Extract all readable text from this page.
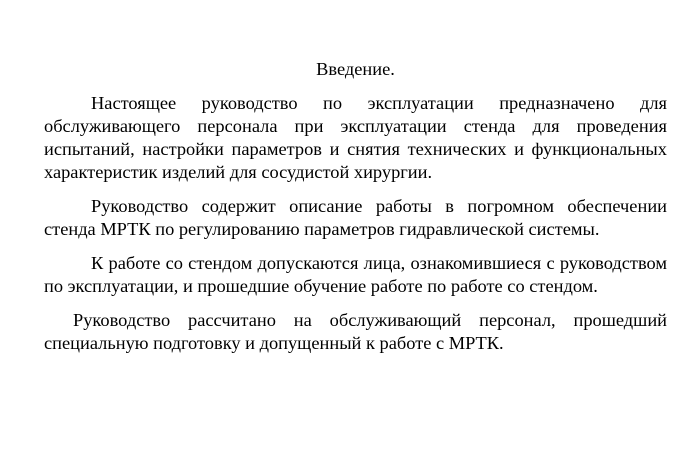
Введение.

Настоящее руководство по эксплуатации предназначено для обслуживающего персонала при эксплуатации стенда для проведения испытаний, настройки параметров и снятия технических и функциональных характеристик изделий для сосудистой хирургии.

Руководство содержит описание работы в погромном обеспечении стенда МРТК по регулированию параметров гидравлической системы.

К работе со стендом допускаются лица, ознакомившиеся с руководством по эксплуатации, и прошедшие обучение работе по работе со стендом.

Руководство рассчитано на обслуживающий персонал, прошедший специальную подготовку и допущенный к работе с МРТК.
